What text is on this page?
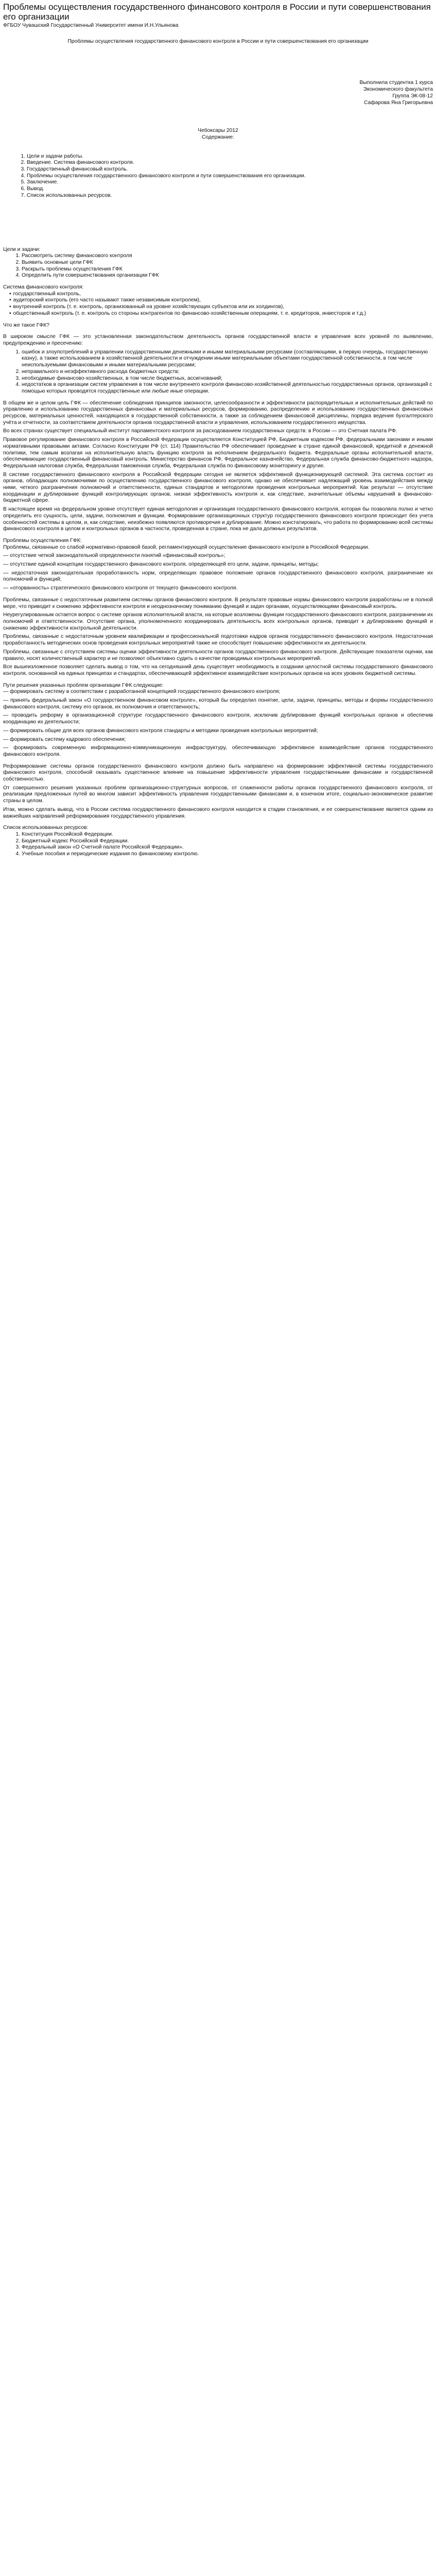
Проблемы осуществления государственного финансового контроля в России и пути совершенствования его организации
ФГБОУ Чувашский Государственный Университет имени И.Н.Ульянова
Проблемы осуществления государственного финансового контроля в России и пути совершенствования его организации
Выполнила студентка 1 курса
Экономического факультета
Группа ЭК-08-12
Сафарова Яна Григорьевна
Чебоксары 2012
Содержание:
1. Цели и задачи работы.
2. Введение. Система финансового контроля.
3. Государственный финансовый контроль.
4. Проблемы осуществления государственного финансового контроля и пути совершенствования его организации.
5. Заключение.
6. Вывод.
7. Список использованных ресурсов.
Цели и задачи:
1. Рассмотреть систему финансового контроля
2. Выявить основные цели ГФК
3. Раскрыть проблемы осуществления ГФК
4. Определить пути совершенствования организации ГФК
Система финансового контроля:
▪ государственный контроль,
▪ аудиторский контроль (его часто называют также независимым контролем),
▪ внутренний контроль (т. е. контроль, организованный на уровне хозяйствующих субъектов или их холдингов),
▪ общественный контроль (т. е. контроль со стороны контрагентов по финансово-хозяйственным операциям, т. е. кредиторов, инвесторов и т.д.)
Что же такое ГФК?

В широком смысле ГФК — это установленная законодательством деятельность органов государственной власти и управления всех уровней по выявлению, предупреждению и пресечению:

1. ошибок и злоупотреблений в управлении государственными денежными и иными материальными ресурсами (составляющими, в первую очередь, государственную казну), а также использованием в хозяйственной деятельности и отчуждении иными материальными объектами государственной собственности, в том числе неиспользуемыми финансовыми и иными материальными ресурсами;
2. неправильного и неэффективного расхода бюджетных средств;
3. необходимые финансово-хозяйственных, в том числе бюджетных, ассигнований;
4. недостатков в организации систем управления в том числе внутреннего контроля финансово-хозяйственной деятельностью государственных органов, организаций с помощью которых проводятся государственные или любые иные операции.

В общем же и целом цель ГФК — обеспечение соблюдения принципов законности, целесообразности и эффективности распорядительных и исполнительных действий по управлению и использованию государственных финансовых и материальных ресурсов, формированию, распределению и использованию государственных финансовых ресурсов, материальных ценностей, находящихся в государственной собственности, а также за соблюдением финансовой дисциплины, порядка ведения бухгалтерского учёта и отчетности, за соответствием деятельности органов государственной власти и управления, использованием государственного имущества.

Во всех странах существует специальный институт парламентского контроля за расходованием государственных средств: в России — это Счетная палата РФ.

Правовое регулирование финансового контроля в Российской Федерации осуществляется Конституцией РФ, Бюджетным кодексом РФ, федеральными законами и иными нормативными правовыми актами. Согласно Конституции РФ (ст. 114) Правительство РФ обеспечивает проведение в стране единой финансовой, кредитной и денежной политики, тем самым возлагая на исполнительную власть функцию контроля за исполнением федерального бюджета. Федеральные органы исполнительной власти, обеспечивающие государственный финансовый контроль: Министерство финансов РФ, Федеральное казначейство, Федеральная служба финансово-бюджетного надзора, Федеральная налоговая служба, Федеральная таможенная служба, Федеральная служба по финансовому мониторингу и другие.

В системе государственного финансового контроля в Российской Федерации сегодня не является эффективной функционирующей системой. Эта система состоит из органов, обладающих полномочиями по осуществлению государственного финансового контроля, однако не обеспечивает надлежащий уровень взаимодействия между ними, четкого разграничения полномочий и ответственности, единых стандартов и методологии проведения контрольных мероприятий. Как результат — отсутствие координации и дублирование функций контролирующих органов, низкая эффективность контроля и, как следствие, значительные объемы нарушений в финансово-бюджетной сфере.

В настоящее время на федеральном уровне отсутствует единая методология и организация государственного финансового контроля, которая бы позволяла полно и четко определить его сущность, цели, задачи, полномочия и функции. Формирование организационных структур государственного финансового контроля происходит без учета особенностей системы в целом, и, как следствие, неизбежно появляются противоречия и дублирование. Можно констатировать, что работа по формированию всей системы финансового контроля в целом и контрольных органов в частности, проведенная в стране, пока не дала должных результатов.

Проблемы осуществления ГФК:

Проблемы, связанные со слабой нормативно-правовой базой, регламентирующей осуществление финансового контроля в Российской Федерации.

— отсутствие четкой законодательной определенности понятий «финансовый контроль»;

— отсутствие единой концепции государственного финансового контроля, определяющей его цели, задачи, принципы, методы;

— недостаточная законодательная проработанность норм, определяющих правовое положение органов государственного финансового контроля, разграничение их полномочий и функций;

— «оторванность» стратегического финансового контроля от текущего финансового контроля.

Проблемы, связанные с недостаточным развитием системы органов финансового контроля. В результате правовые нормы финансового контроля разработаны не в полной мере, что приводит к снижению эффективности контроля и неоднозначному пониманию функций и задач органами, осуществляющими финансовый контроль.

Неурегулированным остается вопрос о системе органов исполнительной власти, на которые возложены функции государственного финансового контроля, разграничении их полномочий и ответственности. Отсутствие органа, уполномоченного координировать деятельность всех контрольных органов, приводит к дублированию функций и снижению эффективности контрольной деятельности.

Проблемы, связанные с недостаточным уровнем квалификации и профессиональной подготовки кадров органов государственного финансового контроля. Недостаточная проработанность методических основ проведения контрольных мероприятий также не способствует повышению эффективности их деятельности.

Проблемы, связанные с отсутствием системы оценки эффективности деятельности органов государственного финансового контроля. Действующие показатели оценки, как правило, носят количественный характер и не позволяют объективно судить о качестве проводимых контрольных мероприятий.

Все вышеизложенное позволяет сделать вывод о том, что на сегодняшний день существует необходимость в создании целостной системы государственного финансового контроля, основанной на единых принципах и стандартах, обеспечивающей эффективное взаимодействие контрольных органов на всех уровнях бюджетной системы.

Пути решения указанных проблем организации ГФК следующие:

— формировать систему в соответствии с разработанной концепцией государственного финансового контроля;

— принять федеральный закон «О государственном финансовом контроле», который бы определил понятие, цели, задачи, принципы, методы и формы государственного финансового контроля, систему его органов, их полномочия и ответственность;

— проводить реформу в организационной структуре государственного финансового контроля, исключив дублирование функций контрольных органов и обеспечив координацию их деятельности;

— формировать общие для всех органов финансового контроля стандарты и методики проведения контрольных мероприятий;

— формировать систему кадрового обеспечения;

— формировать современную информационно-коммуникационную инфраструктуру, обеспечивающую эффективное взаимодействие органов государственного финансового контроля.

Реформирование системы органов государственного финансового контроля должно быть направлено на формирование эффективной системы государственного финансового контроля, способной оказывать существенное влияние на повышение эффективности управления государственными финансами и государственной собственностью.

От совершенного решения указанных проблем организационно-структурных вопросов, от слаженности работы органов государственного финансового контроля, от реализации предложенных путей во многом зависит эффективность управления государственными финансами и, в конечном итоге, социально-экономическое развитие страны в целом.

Итак, можно сделать вывод, что в России система государственного финансового контроля находится в стадии становления, и ее совершенствование является одним из важнейших направлений реформирования государственного управления.

Список использованных ресурсов:
1. Конституция Российской Федерации.
2. Бюджетный кодекс Российской Федерации.
3. Федеральный закон «О Счетной палате Российской Федерации».
4. Учебные пособия и периодические издания по финансовому контролю.
